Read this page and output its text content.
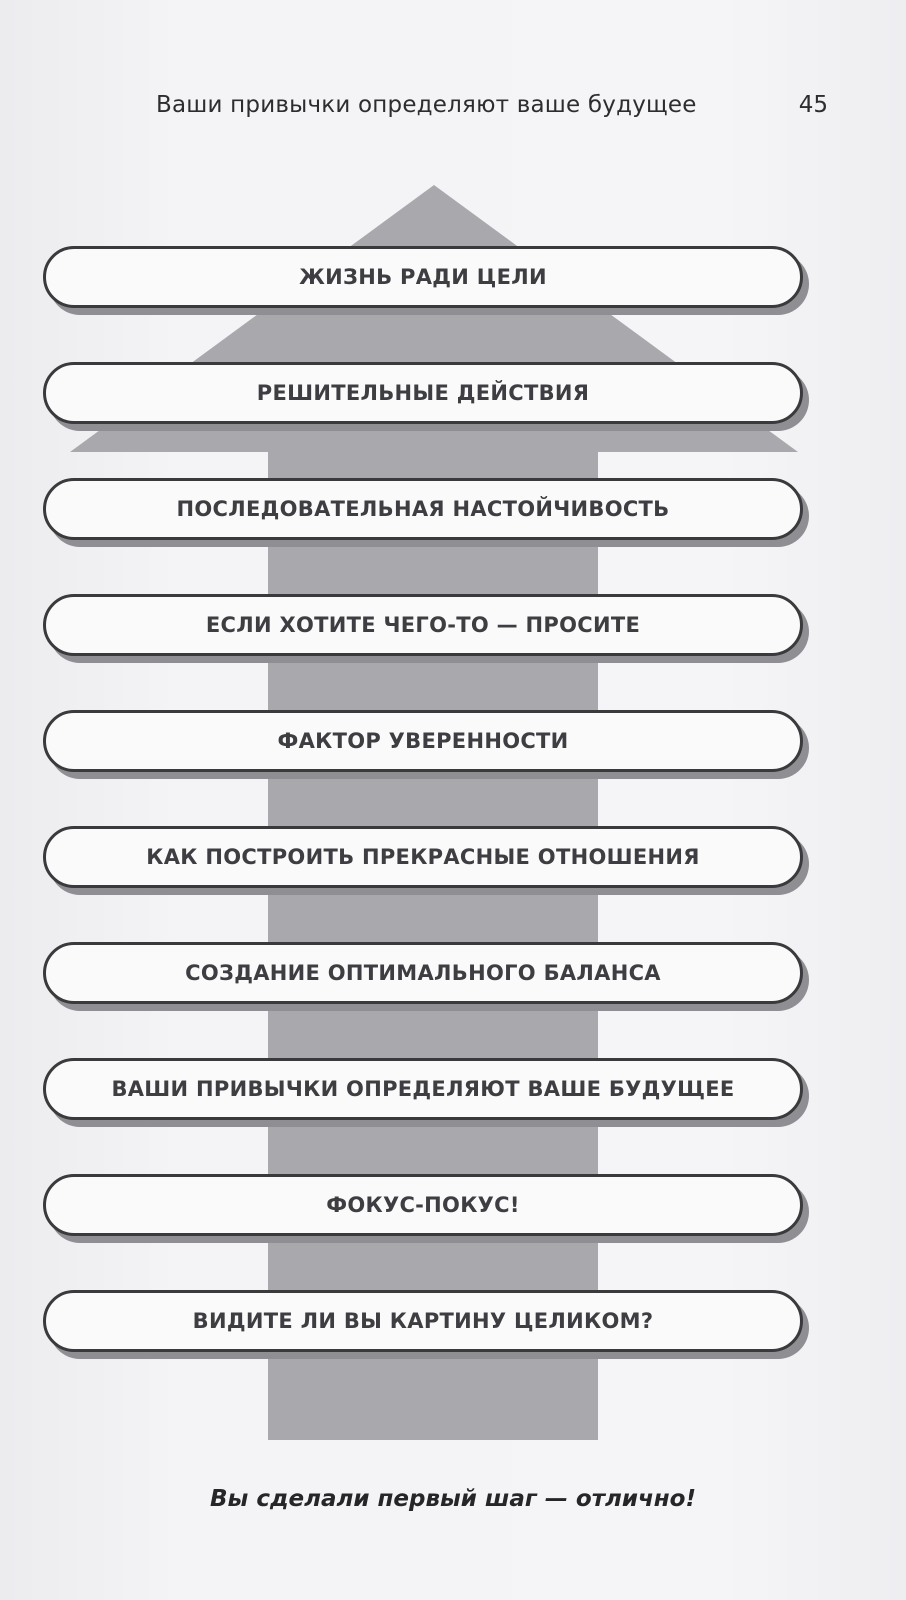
Ваши привычки определяют ваше будущее	45
ЖИЗНЬ РАДИ ЦЕЛИ
РЕШИТЕЛЬНЫЕ ДЕЙСТВИЯ
ПОСЛЕДОВАТЕЛЬНАЯ НАСТОЙЧИВОСТЬ
ЕСЛИ ХОТИТЕ ЧЕГО-ТО — ПРОСИТЕ
ФАКТОР УВЕРЕННОСТИ
КАК ПОСТРОИТЬ ПРЕКРАСНЫЕ ОТНОШЕНИЯ
СОЗДАНИЕ ОПТИМАЛЬНОГО БАЛАНСА
ВАШИ ПРИВЫЧКИ ОПРЕДЕЛЯЮТ ВАШЕ БУДУЩЕЕ
ФОКУС-ПОКУС!
ВИДИТЕ ЛИ ВЫ КАРТИНУ ЦЕЛИКОМ?
Вы сделали первый шаг — отлично!
